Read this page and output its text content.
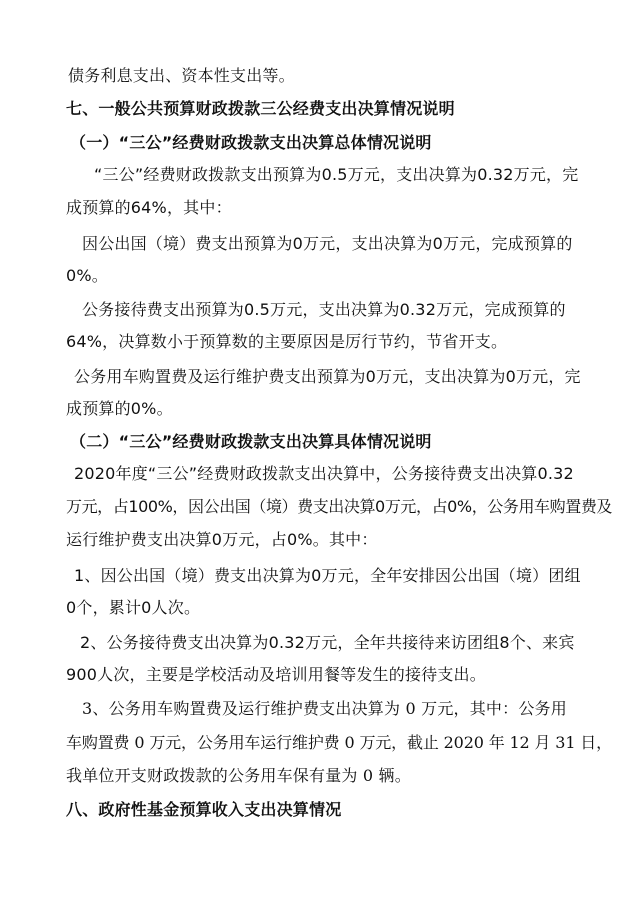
债务利息支出、资本性支出等。
七、一般公共预算财政拨款三公经费支出决算情况说明
（一）“三公”经费财政拨款支出决算总体情况说明
“三公”经费财政拨款支出预算为0.5万元，支出决算为0.32万元，完
成预算的64%，其中：
因公出国（境）费支出预算为0万元，支出决算为0万元，完成预算的
0%。
公务接待费支出预算为0.5万元，支出决算为0.32万元，完成预算的
64%，决算数小于预算数的主要原因是厉行节约，节省开支。
公务用车购置费及运行维护费支出预算为0万元，支出决算为0万元，完
成预算的0%。
（二）“三公”经费财政拨款支出决算具体情况说明
2020年度“三公”经费财政拨款支出决算中，公务接待费支出决算0.32
万元，占100%，因公出国（境）费支出决算0万元，占0%，公务用车购置费及
运行维护费支出决算0万元，占0%。其中：
1、因公出国（境）费支出决算为0万元，全年安排因公出国（境）团组
0个，累计0人次。
2、公务接待费支出决算为0.32万元，全年共接待来访团组8个、来宾
900人次，主要是学校活动及培训用餐等发生的接待支出。
3、公务用车购置费及运行维护费支出决算为 0 万元，其中：公务用
车购置费 0 万元，公务用车运行维护费 0 万元，截止 2020 年 12 月 31 日，
我单位开支财政拨款的公务用车保有量为 0 辆。
八、政府性基金预算收入支出决算情况
